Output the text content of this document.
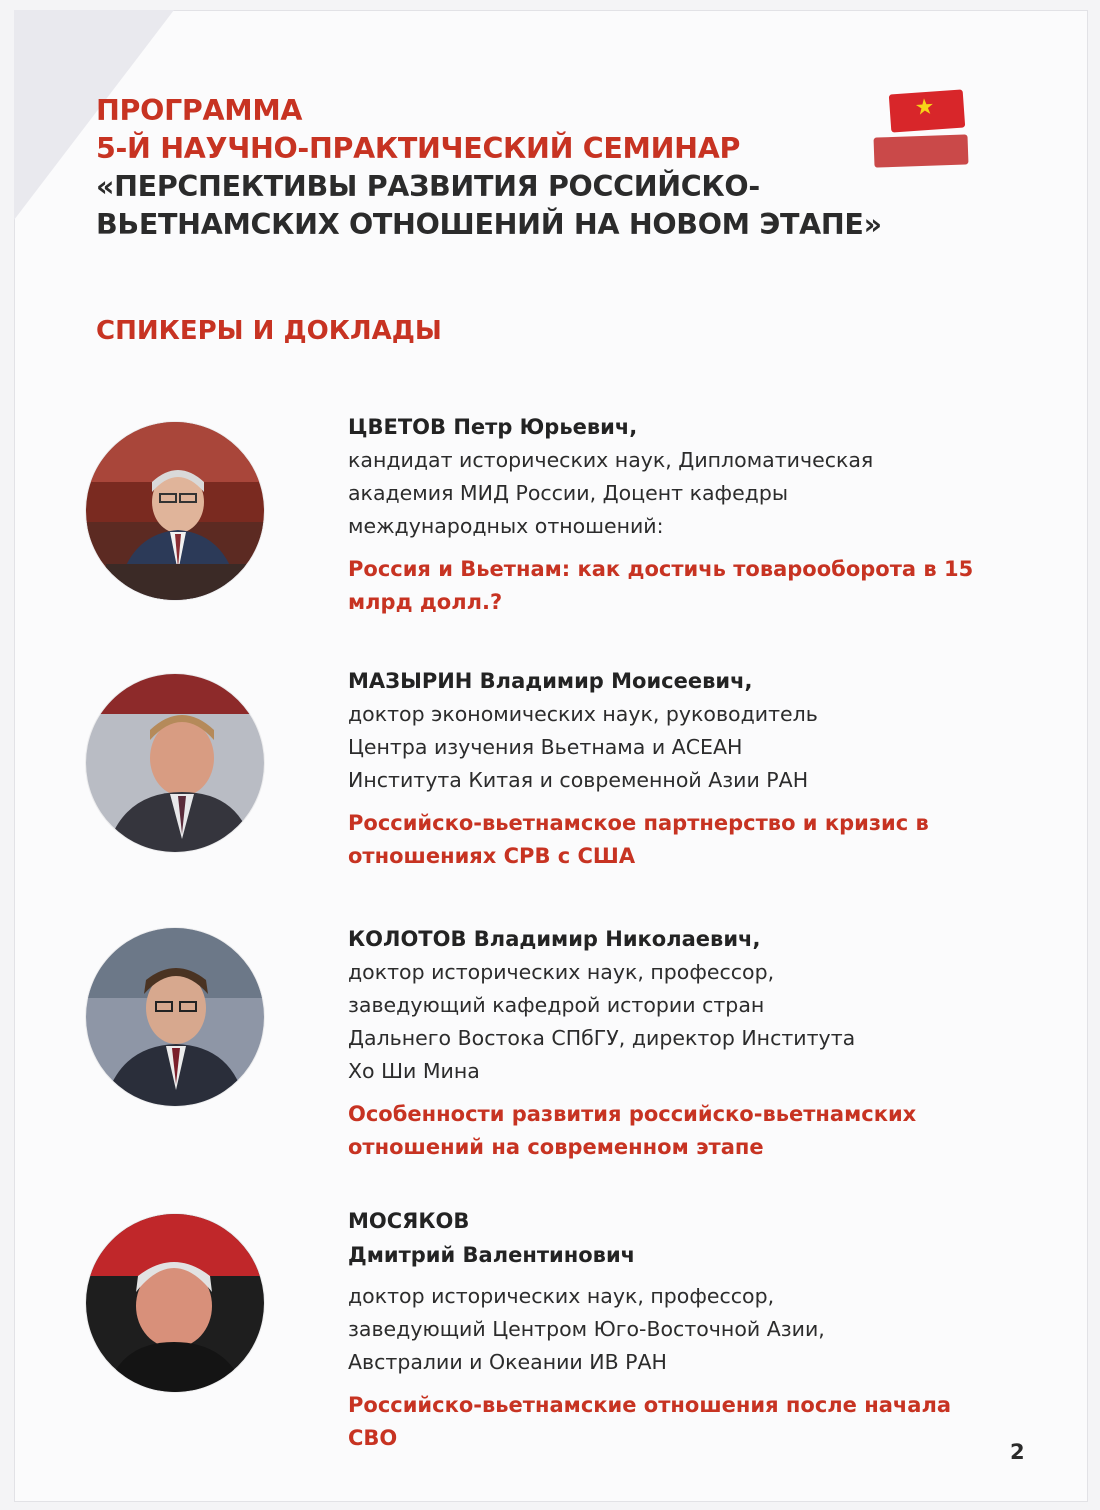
ПРОГРАММА
5-Й НАУЧНО-ПРАКТИЧЕСКИЙ СЕМИНАР
«ПЕРСПЕКТИВЫ РАЗВИТИЯ РОССИЙСКО-
ВЬЕТНАМСКИХ ОТНОШЕНИЙ НА НОВОМ ЭТАПЕ»
★
СПИКЕРЫ И ДОКЛАДЫ
ЦВЕТОВ Петр Юрьевич,
кандидат исторических наук, Дипломатическая
академия МИД России, Доцент кафедры
международных отношений:
Россия и Вьетнам: как достичь товарооборота в 15
млрд долл.?
МАЗЫРИН Владимир Моисеевич,
доктор экономических наук, руководитель
Центра изучения Вьетнама и АСЕАН
Института Китая и современной Азии РАН
Российско-вьетнамское партнерство и кризис в
отношениях СРВ с США
КОЛОТОВ Владимир Николаевич,
доктор исторических наук, профессор,
заведующий кафедрой истории стран
Дальнего Востока СПбГУ, директор Института
Хо Ши Мина
Особенности развития российско-вьетнамских
отношений на современном этапе
МОСЯКОВ
Дмитрий Валентинович
доктор исторических наук, профессор,
заведующий Центром Юго-Восточной Азии,
Австралии и Океании ИВ РАН
Российско-вьетнамские отношения после начала
СВО
2
